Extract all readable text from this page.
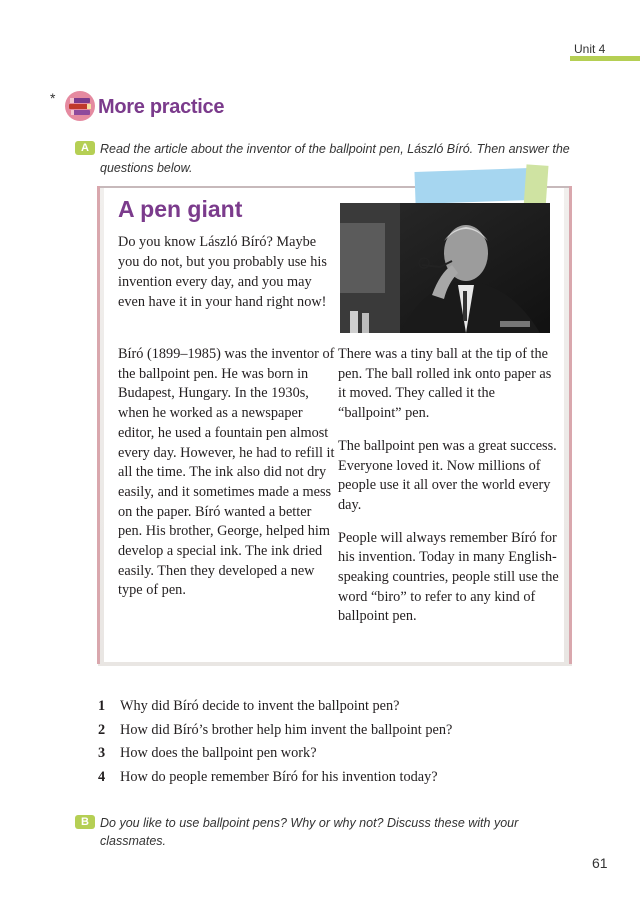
Unit 4
* More practice
A Read the article about the inventor of the ballpoint pen, László Bíró. Then answer the questions below.
A pen giant
Do you know László Bíró? Maybe you do not, but you probably use his invention every day, and you may even have it in your hand right now!

Bíró (1899–1985) was the inventor of the ballpoint pen. He was born in Budapest, Hungary. In the 1930s, when he worked as a newspaper editor, he used a fountain pen almost every day. However, he had to refill it all the time. The ink also did not dry easily, and it sometimes made a mess on the paper. Bíró wanted a better pen. His brother, George, helped him develop a special ink. The ink dried easily. Then they developed a new type of pen.

There was a tiny ball at the tip of the pen. The ball rolled ink onto paper as it moved. They called it the “ballpoint” pen.

The ballpoint pen was a great success. Everyone loved it. Now millions of people use it all over the world every day.

People will always remember Bíró for his invention. Today in many English-speaking countries, people still use the word “biro” to refer to any kind of ballpoint pen.

1 Why did Bíró decide to invent the ballpoint pen?
2 How did Bíró’s brother help him invent the ballpoint pen?
3 How does the ballpoint pen work?
4 How do people remember Bíró for his invention today?
B Do you like to use ballpoint pens? Why or why not? Discuss these with your classmates.
61
